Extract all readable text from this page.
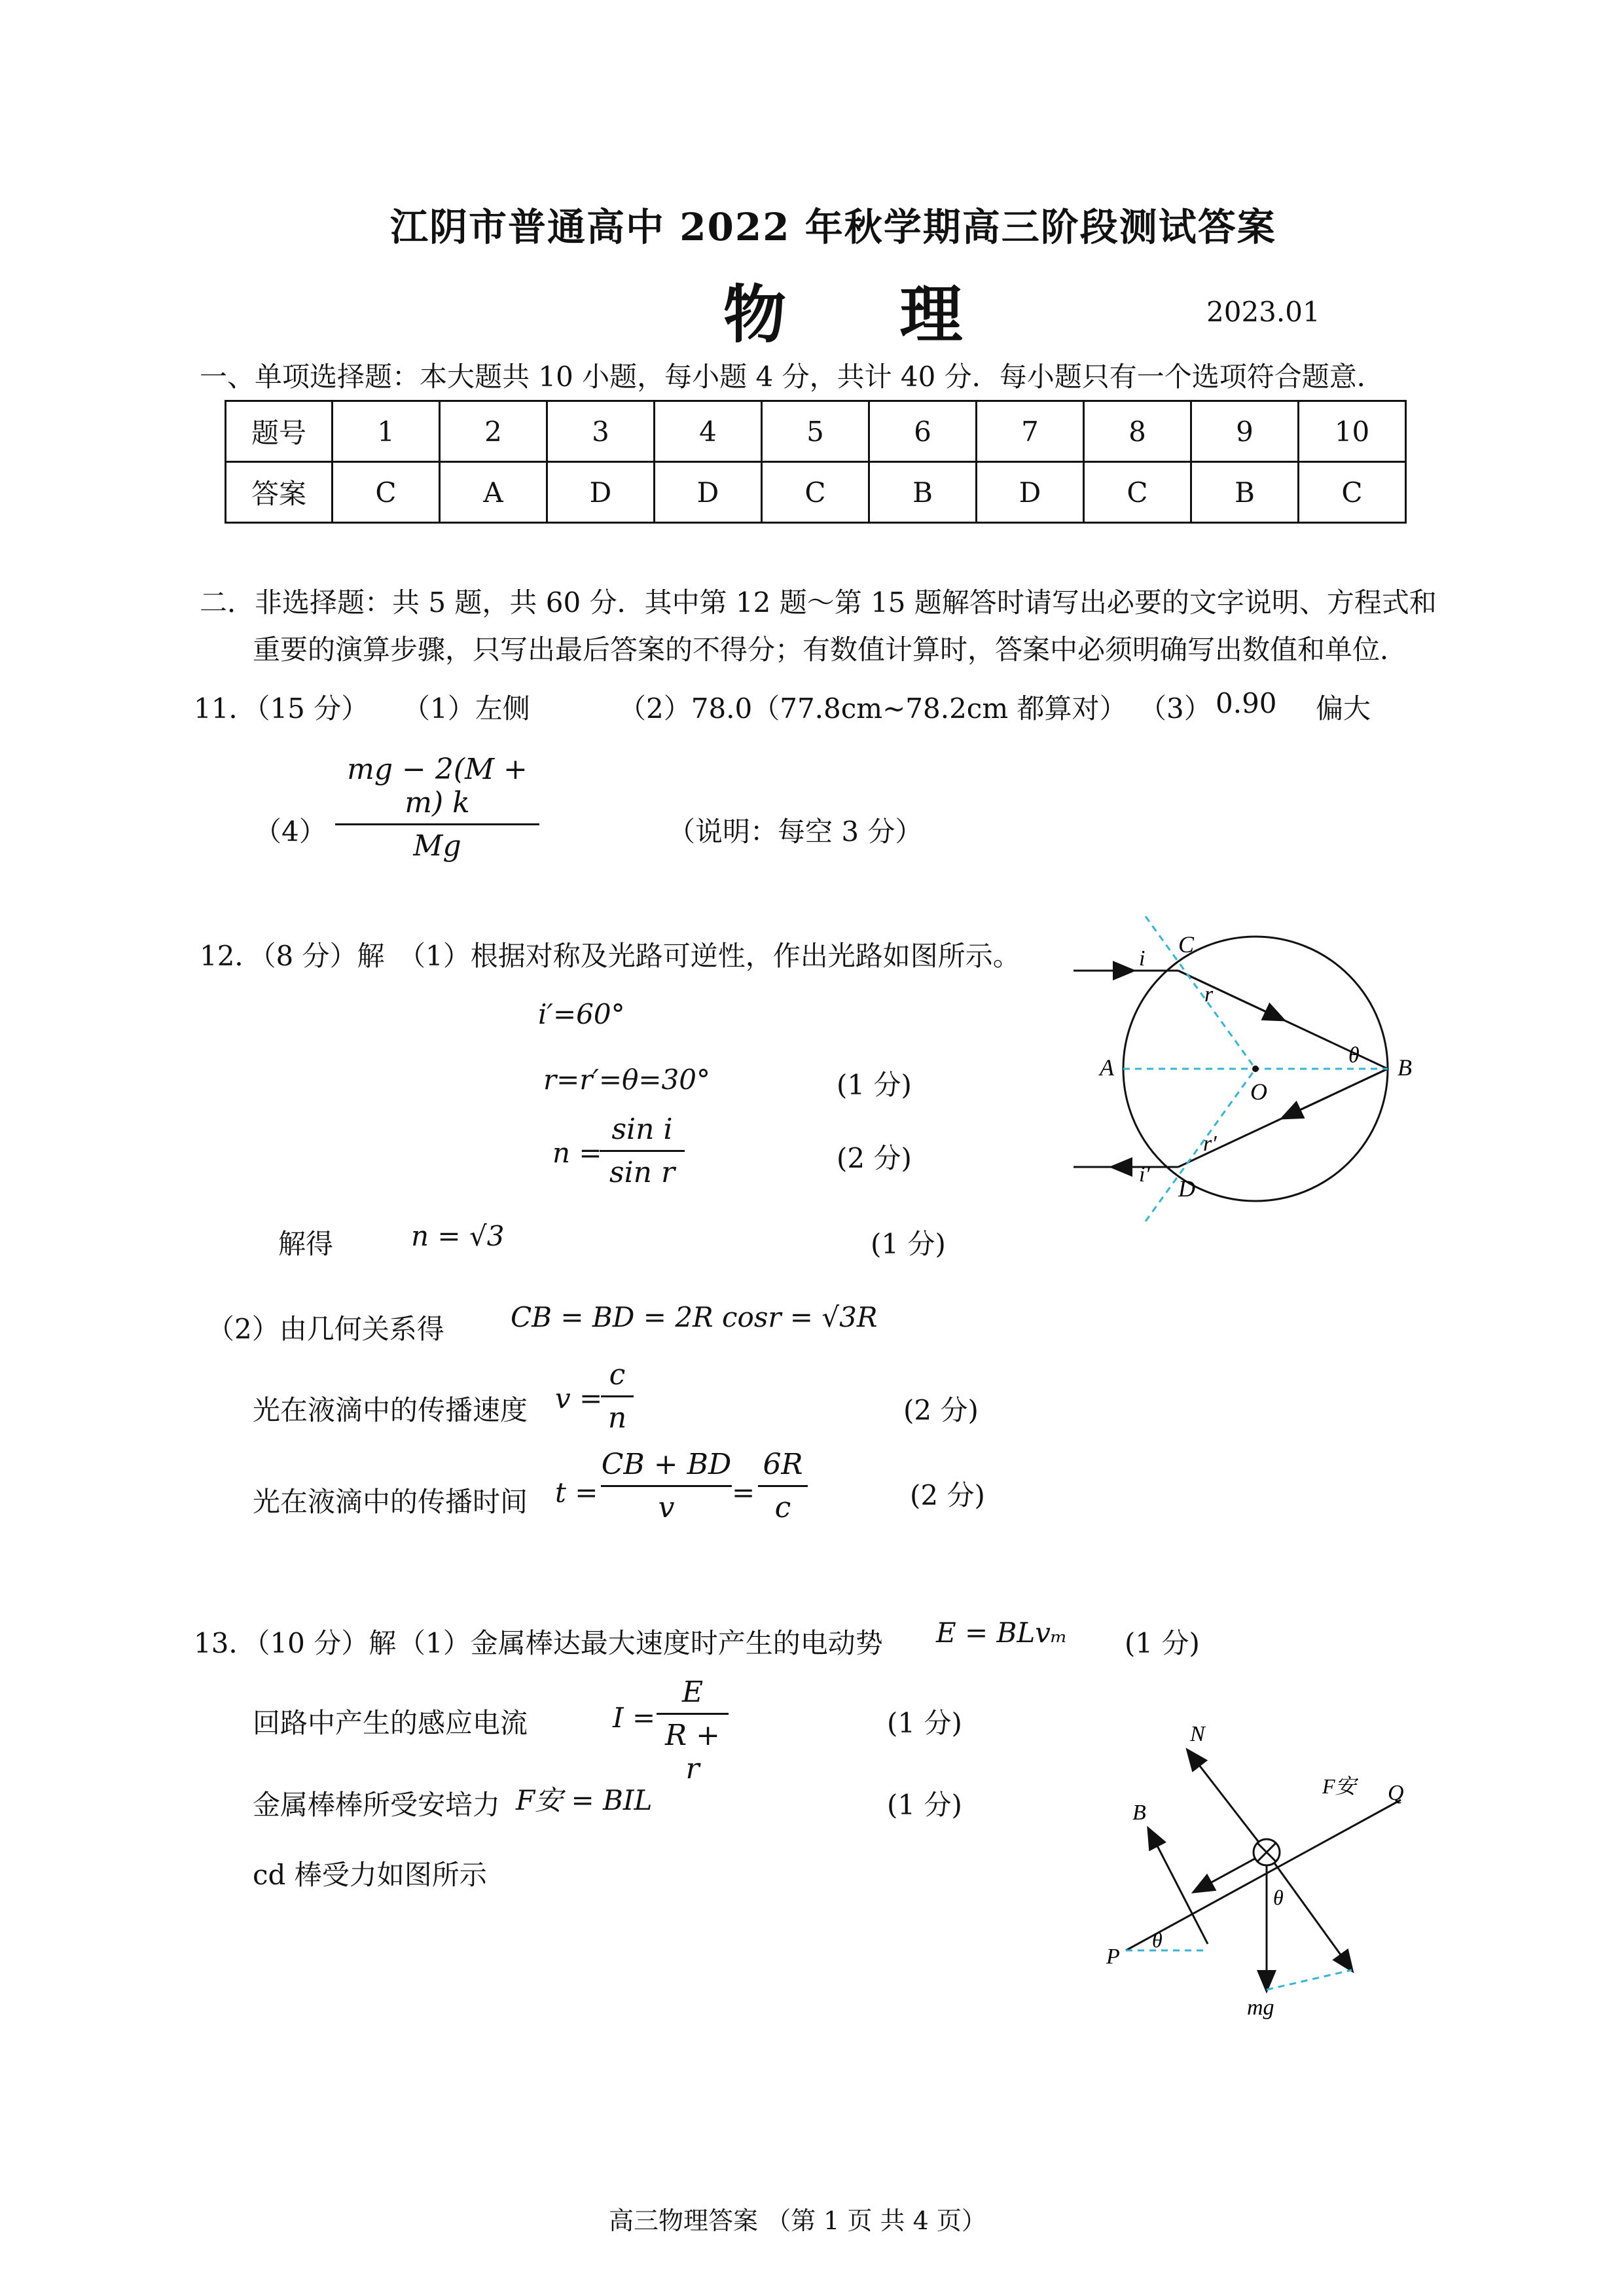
江阴市普通高中 2022 年秋学期高三阶段测试答案
物 理	2023.01
一、单项选择题：本大题共 10 小题，每小题 4 分，共计 40 分．每小题只有一个选项符合题意．
题号	1	2	3	4	5	6	7	8	9	10
答案	C	A	D	D	C	B	D	C	B	C
二．非选择题：共 5 题，共 60 分．其中第 12 题～第 15 题解答时请写出必要的文字说明、方程式和
重要的演算步骤，只写出最后答案的不得分；有数值计算时，答案中必须明确写出数值和单位．
11．（15 分） （1）左侧	（2）78.0（77.8cm~78.2cm 都算对） （3） 0.90 偏大
（4）
mg − 2(M + m) k
Mg	（说明：每空 3 分）
12．（8 分）解 （1）根据对称及光路可逆性，作出光路如图所示。
i′=60°
r=r′=θ=30°	(1 分)
n =
sin i
sin r	(2 分)
解得	n = √3	(1 分)
（2）由几何关系得 CB = BD = 2R cosr = √3R
光在液滴中的传播速度 v =
c
n	(2 分)
光在液滴中的传播时间 t =
CB + BD
v	=
6R
c	(2 分)
C
i
r
A
O
θ B
r′
i′
D
13．（10 分）解 （1）金属棒达最大速度时产生的电动势 E = BLvₘ (1 分)
回路中产生的感应电流	I =
E
R + r
(1 分)
金属棒棒所受安培力 F安 = BIL	(1 分)
cd 棒受力如图所示
N
F安 Q
B
θ
θ
P
mg
高三物理答案 （第 1 页 共 4 页）
